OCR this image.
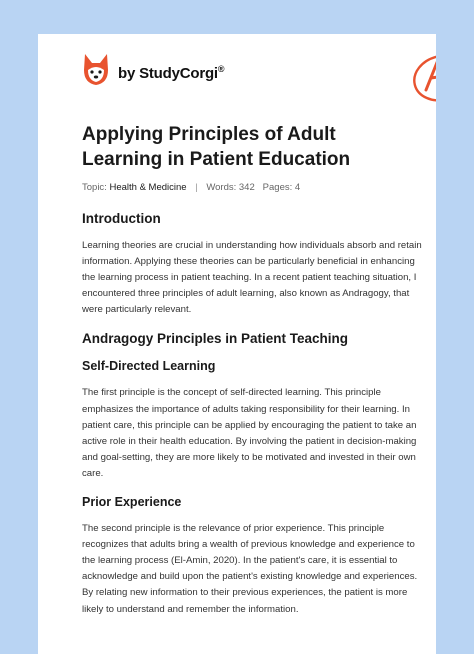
by StudyCorgi®
Applying Principles of Adult Learning in Patient Education
Topic: Health & Medicine | Words: 342 Pages: 4
Introduction

Learning theories are crucial in understanding how individuals absorb and retain information. Applying these theories can be particularly beneficial in enhancing the learning process in patient teaching. In a recent patient teaching situation, I encountered three principles of adult learning, also known as Andragogy, that were particularly relevant.

Andragogy Principles in Patient Teaching
Self-Directed Learning

The first principle is the concept of self-directed learning. This principle emphasizes the importance of adults taking responsibility for their learning. In patient care, this principle can be applied by encouraging the patient to take an active role in their health education. By involving the patient in decision-making and goal-setting, they are more likely to be motivated and invested in their own care.

Prior Experience

The second principle is the relevance of prior experience. This principle recognizes that adults bring a wealth of previous knowledge and experience to the learning process (El-Amin, 2020). In the patient's care, it is essential to acknowledge and build upon the patient's existing knowledge and experiences. By relating new information to their previous experiences, the patient is more likely to understand and remember the information.
